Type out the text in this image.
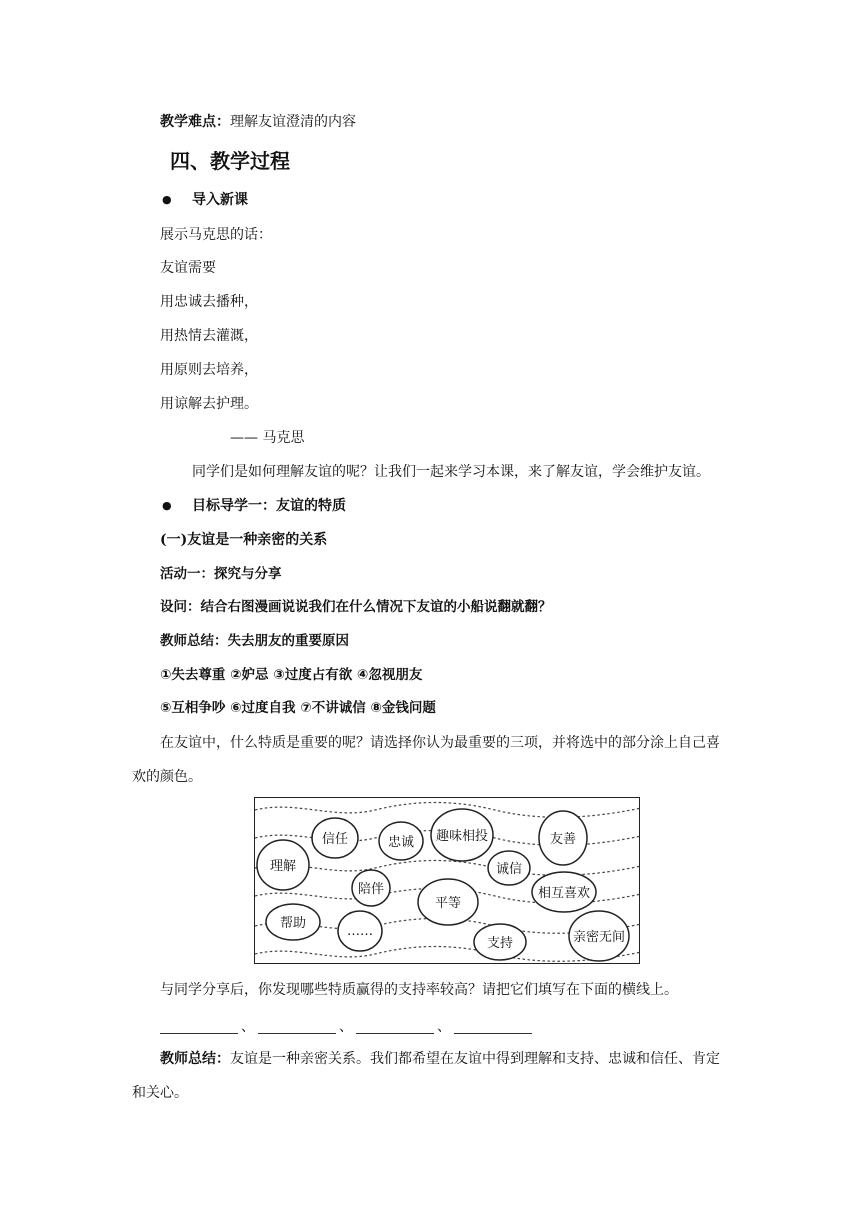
教学难点：理解友谊澄清的内容
四、教学过程
● 导入新课
展示马克思的话：
友谊需要
用忠诚去播种，
用热情去灌溉，
用原则去培养，
用谅解去护理。
—— 马克思
同学们是如何理解友谊的呢？让我们一起来学习本课，来了解友谊，学会维护友谊。
● 目标导学一：友谊的特质
(一)友谊是一种亲密的关系
活动一：探究与分享
设问：结合右图漫画说说我们在什么情况下友谊的小船说翻就翻？
教师总结：失去朋友的重要原因
①失去尊重 ②妒忌 ③过度占有欲 ④忽视朋友
⑤互相争吵 ⑥过度自我 ⑦不讲诚信 ⑧金钱问题
在友谊中，什么特质是重要的呢？请选择你认为最重要的三项，并将选中的部分涂上自己喜欢的颜色。
理解
信任	忠诚 趣味相投	友善
诚信
陪伴
平等
相互喜欢
帮助
……
支持	亲密无间
与同学分享后，你发现哪些特质赢得的支持率较高？请把它们填写在下面的横线上。
、	、	、
教师总结：友谊是一种亲密关系。我们都希望在友谊中得到理解和支持、忠诚和信任、肯定和关心。
